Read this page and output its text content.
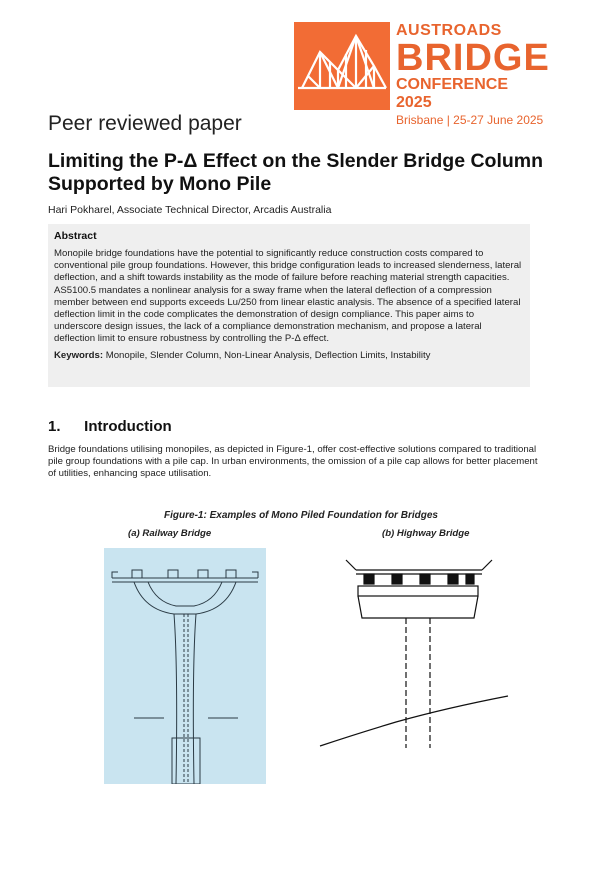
AUSTROADS
BRIDGE
CONFERENCE 2025
Brisbane | 25-27 June 2025
Peer reviewed paper
Limiting the P-Δ Effect on the Slender Bridge Column Supported by Mono Pile
Hari Pokharel, Associate Technical Director, Arcadis Australia
Abstract
Monopile bridge foundations have the potential to significantly reduce construction costs compared to conventional pile group foundations. However, this bridge configuration leads to increased slenderness, lateral deflection, and a shift towards instability as the mode of failure before reaching material strength capacities. AS5100.5 mandates a nonlinear analysis for a sway frame when the lateral deflection of a compression member between end supports exceeds Lu/250 from linear elastic analysis. The absence of a specified lateral deflection limit in the code complicates the demonstration of design compliance. This paper aims to underscore design issues, the lack of a compliance demonstration mechanism, and propose a lateral deflection limit to ensure robustness by controlling the P-Δ effect.
Keywords: Monopile, Slender Column, Non-Linear Analysis, Deflection Limits, Instability
1. Introduction
Bridge foundations utilising monopiles, as depicted in Figure-1, offer cost-effective solutions compared to traditional pile group foundations with a pile cap. In urban environments, the omission of a pile cap allows for better placement of utilities, enhancing space utilisation.
Figure-1: Examples of Mono Piled Foundation for Bridges
(a) Railway Bridge	(b) Highway Bridge
